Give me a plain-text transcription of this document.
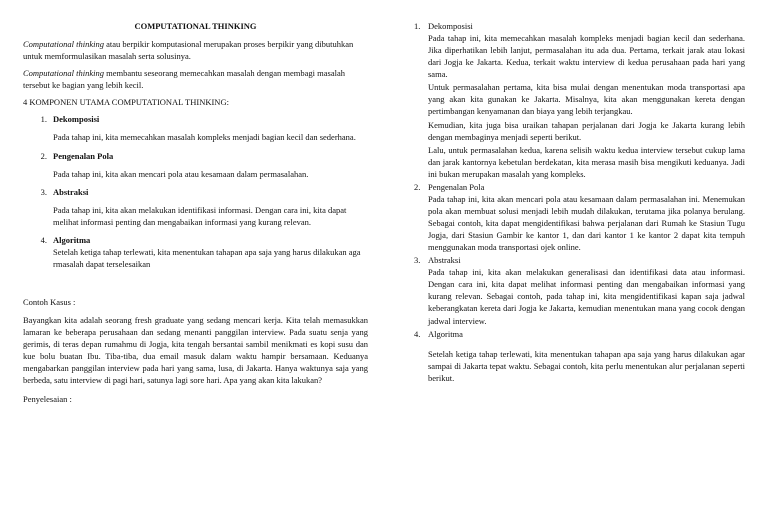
COMPUTATIONAL THINKING

Computational thinking atau berpikir komputasional merupakan proses berpikir yang dibutuhkan untuk memformulasikan masalah serta solusinya.

Computational thinking membantu seseorang memecahkan masalah dengan membagi masalah tersebut ke bagian yang lebih kecil.

4 KOMPONEN UTAMA COMPUTATIONAL THINKING:

1. Dekomposisi

Pada tahap ini, kita memecahkan masalah kompleks menjadi bagian kecil dan sederhana.

2. Pengenalan Pola

Pada tahap ini, kita akan mencari pola atau kesamaan dalam permasalahan.

3. Abstraksi

Pada tahap ini, kita akan melakukan identifikasi informasi. Dengan cara ini, kita dapat melihat informasi penting dan mengabaikan informasi yang kurang relevan.

4. Algoritma

Setelah ketiga tahap terlewati, kita menentukan tahapan apa saja yang harus dilakukan aga rmasalah dapat terselesaikan

Contoh Kasus :

Bayangkan kita adalah seorang fresh graduate yang sedang mencari kerja. Kita telah memasukkan lamaran ke beberapa perusahaan dan sedang menanti panggilan interview. Pada suatu senja yang gerimis, di teras depan rumahmu di Jogja, kita tengah bersantai sambil menikmati es kopi susu dan kue bolu buatan Ibu. Tiba-tiba, dua email masuk dalam waktu hampir bersamaan. Keduanya mengabarkan panggilan interview pada hari yang sama, lusa, di Jakarta. Hanya waktunya saja yang berbeda, satu interview di pagi hari, satunya lagi sore hari. Apa yang akan kita lakukan?

Penyelesaian :

1. Dekomposisi

Pada tahap ini, kita memecahkan masalah kompleks menjadi bagian kecil dan sederhana. Jika diperhatikan lebih lanjut, permasalahan itu ada dua. Pertama, terkait jarak atau lokasi dari Jogja ke Jakarta. Kedua, terkait waktu interview di kedua perusahaan pada hari yang sama.

Untuk permasalahan pertama, kita bisa mulai dengan menentukan moda transportasi apa yang akan kita gunakan ke Jakarta. Misalnya, kita akan menggunakan kereta dengan pertimbangan kenyamanan dan biaya yang lebih terjangkau.

Kemudian, kita juga bisa uraikan tahapan perjalanan dari Jogja ke Jakarta kurang lebih dengan membaginya menjadi seperti berikut.

Lalu, untuk permasalahan kedua, karena selisih waktu kedua interview tersebut cukup lama dan jarak kantornya kebetulan berdekatan, kita merasa masih bisa mengikuti keduanya. Jadi ini bukan merupakan masalah yang kompleks.

2. Pengenalan Pola

Pada tahap ini, kita akan mencari pola atau kesamaan dalam permasalahan ini. Menemukan pola akan membuat solusi menjadi lebih mudah dilakukan, terutama jika polanya berulang. Sebagai contoh, kita dapat mengidentifikasi bahwa perjalanan dari Rumah ke Stasiun Tugu Jogja, dari Stasiun Gambir ke kantor 1, dan dari kantor 1 ke kantor 2 dapat kita tempuh menggunakan moda transportasi ojek online.

3. Abstraksi

Pada tahap ini, kita akan melakukan generalisasi dan identifikasi data atau informasi. Dengan cara ini, kita dapat melihat informasi penting dan mengabaikan informasi yang kurang relevan. Sebagai contoh, pada tahap ini, kita mengidentifikasi kapan saja jadwal keberangkatan kereta dari Jogja ke Jakarta, kemudian menentukan mana yang cocok dengan jadwal interview.

4. Algoritma

Setelah ketiga tahap terlewati, kita menentukan tahapan apa saja yang harus dilakukan agar sampai di Jakarta tepat waktu. Sebagai contoh, kita perlu menentukan alur perjalanan seperti berikut.
